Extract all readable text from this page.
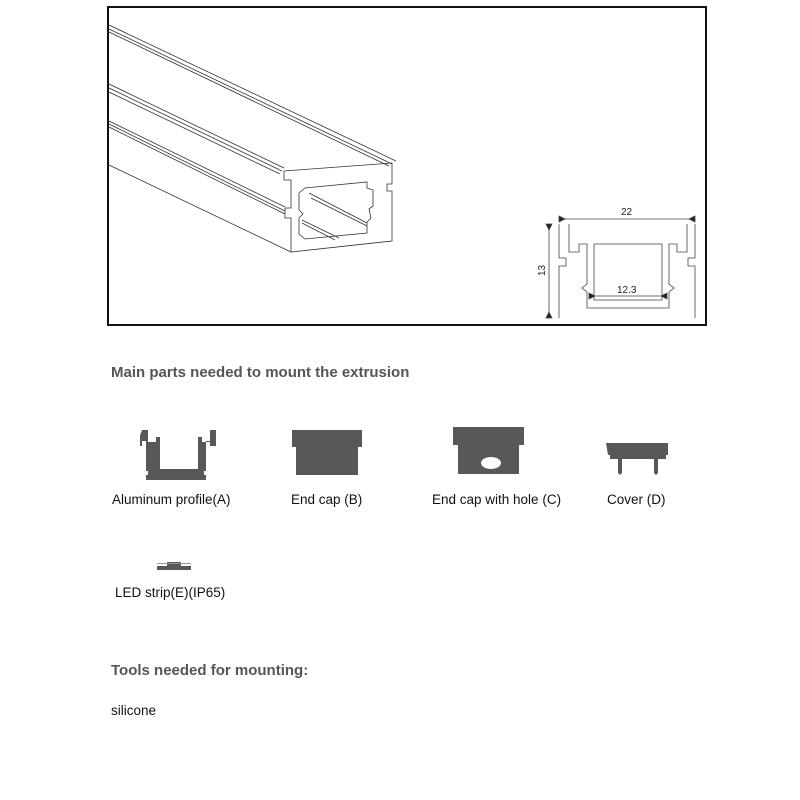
22
13
12.3
Main parts needed to mount the extrusion
Aluminum profile(A)	End cap (B)	End cap with hole (C)	Cover (D)
LED strip(E)(IP65)
Tools needed for mounting:
silicone
